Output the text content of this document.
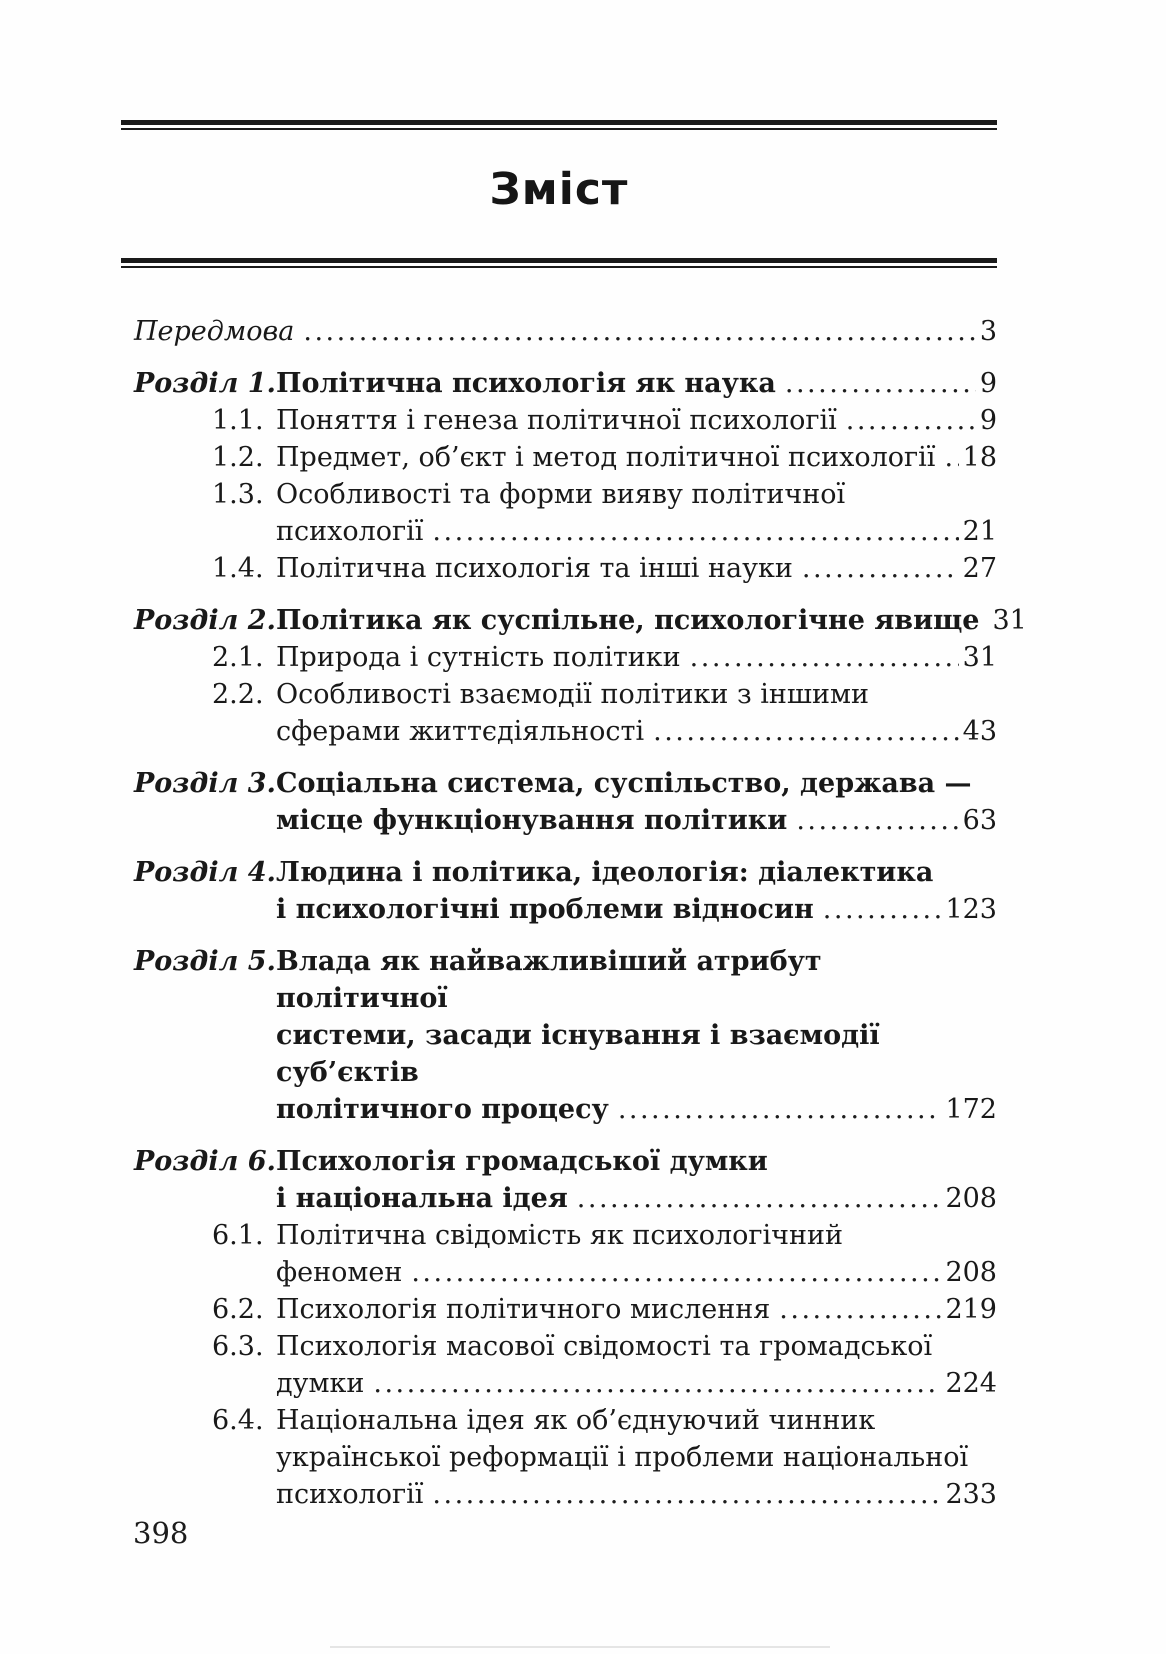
Зміст
Передмова .....	3
Розділ 1. Політична психологія як наука .....	9
1.1. Поняття і генеза політичної психології .....	9
1.2. Предмет, об’єкт і метод політичної психології ..... 18
1.3. Особливості та форми вияву політичної
психології .....	21
1.4. Політична психологія та інші науки .....	27
Розділ 2. Політика як суспільне, психологічне явище 31
2.1. Природа і сутність політики .....	31
2.2. Особливості взаємодії політики з іншими
сферами життєдіяльності .....	43
Розділ 3. Соціальна система, суспільство, держава —
місце функціонування політики .....	63
Розділ 4. Людина і політика, ідеологія: діалектика
і психологічні проблеми відносин .....	123
Розділ 5. Влада як найважливіший атрибут політичної
системи, засади існування і взаємодії суб’єктів
політичного процесу .....	172
Розділ 6. Психологія громадської думки
і національна ідея .....	208
6.1. Політична свідомість як психологічний
феномен .....	208
6.2. Психологія політичного мислення .....	219
6.3. Психологія масової свідомості та громадської
думки .....	224
6.4. Національна ідея як об’єднуючий чинник
української реформації і проблеми національної
психології .....	233
398
